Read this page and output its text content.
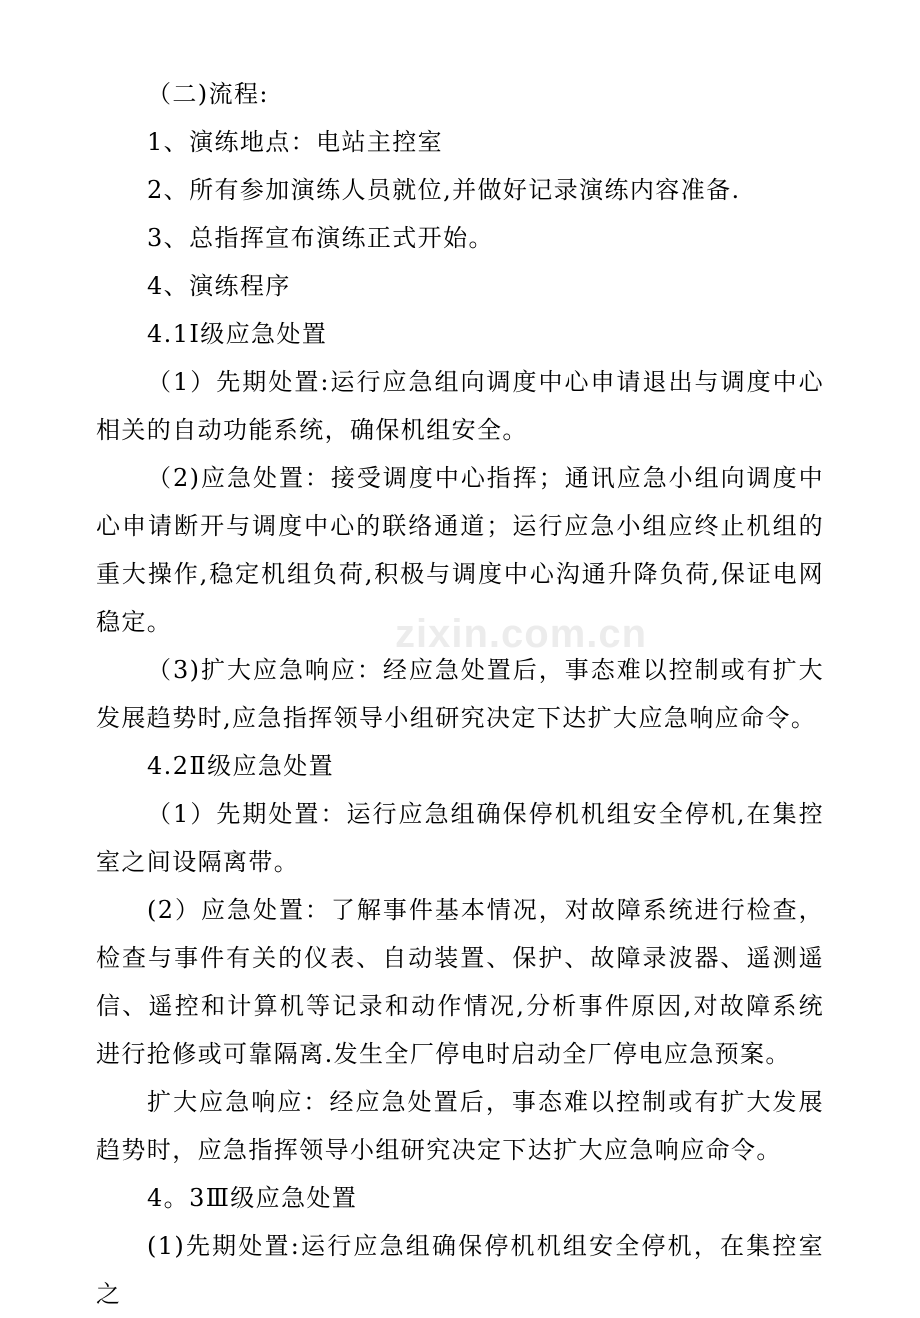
（二)流程:

1、演练地点：电站主控室

2、所有参加演练人员就位,并做好记录演练内容准备.

3、总指挥宣布演练正式开始。

4、演练程序

4.1Ⅰ级应急处置

（1）先期处置:运行应急组向调度中心申请退出与调度中心相关的自动功能系统，确保机组安全。

（2)应急处置：接受调度中心指挥；通讯应急小组向调度中心申请断开与调度中心的联络通道；运行应急小组应终止机组的重大操作,稳定机组负荷,积极与调度中心沟通升降负荷,保证电网稳定。

（3)扩大应急响应：经应急处置后，事态难以控制或有扩大发展趋势时,应急指挥领导小组研究决定下达扩大应急响应命令。

4.2Ⅱ级应急处置

（1）先期处置：运行应急组确保停机机组安全停机,在集控室之间设隔离带。

(2）应急处置：了解事件基本情况，对故障系统进行检查，检查与事件有关的仪表、自动装置、保护、故障录波器、遥测遥信、遥控和计算机等记录和动作情况,分析事件原因,对故障系统进行抢修或可靠隔离.发生全厂停电时启动全厂停电应急预案。

扩大应急响应：经应急处置后，事态难以控制或有扩大发展趋势时，应急指挥领导小组研究决定下达扩大应急响应命令。

4。3Ⅲ级应急处置

(1)先期处置:运行应急组确保停机机组安全停机，在集控室之

zixin.com.cn
